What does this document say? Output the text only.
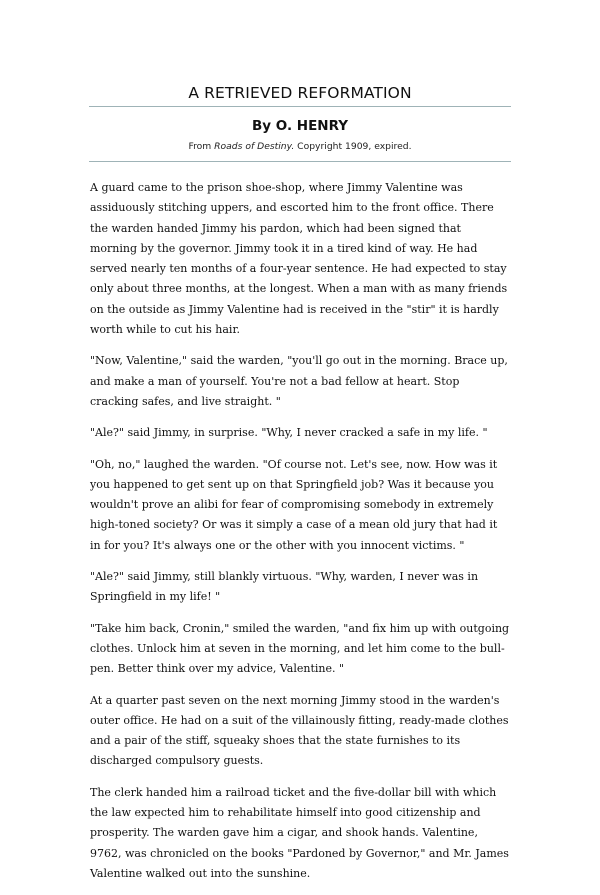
A RETRIEVED REFORMATION
By O. HENRY
From Roads of Destiny. Copyright 1909, expired.

A guard came to the prison shoe-shop, where Jimmy Valentine was assiduously stitching uppers, and escorted him to the front office. There the warden handed Jimmy his pardon, which had been signed that morning by the governor. Jimmy took it in a tired kind of way. He had served nearly ten months of a four-year sentence. He had expected to stay only about three months, at the longest. When a man with as many friends on the outside as Jimmy Valentine had is received in the "stir" it is hardly worth while to cut his hair.

"Now, Valentine," said the warden, "you'll go out in the morning. Brace up, and make a man of yourself. You're not a bad fellow at heart. Stop cracking safes, and live straight. "

"Ale?" said Jimmy, in surprise. "Why, I never cracked a safe in my life. "

"Oh, no," laughed the warden. "Of course not. Let's see, now. How was it you happened to get sent up on that Springfield job? Was it because you wouldn't prove an alibi for fear of compromising somebody in extremely high-toned society? Or was it simply a case of a mean old jury that had it in for you? It's always one or the other with you innocent victims. "

"Ale?" said Jimmy, still blankly virtuous. "Why, warden, I never was in Springfield in my life! "

"Take him back, Cronin," smiled the warden, "and fix him up with outgoing clothes. Unlock him at seven in the morning, and let him come to the bull-pen. Better think over my advice, Valentine. "

At a quarter past seven on the next morning Jimmy stood in the warden's outer office. He had on a suit of the villainously fitting, ready-made clothes and a pair of the stiff, squeaky shoes that the state furnishes to its discharged compulsory guests.

The clerk handed him a railroad ticket and the five-dollar bill with which the law expected him to rehabilitate himself into good citizenship and prosperity. The warden gave him a cigar, and shook hands. Valentine, 9762, was chronicled on the books "Pardoned by Governor," and Mr. James Valentine walked out into the sunshine.
